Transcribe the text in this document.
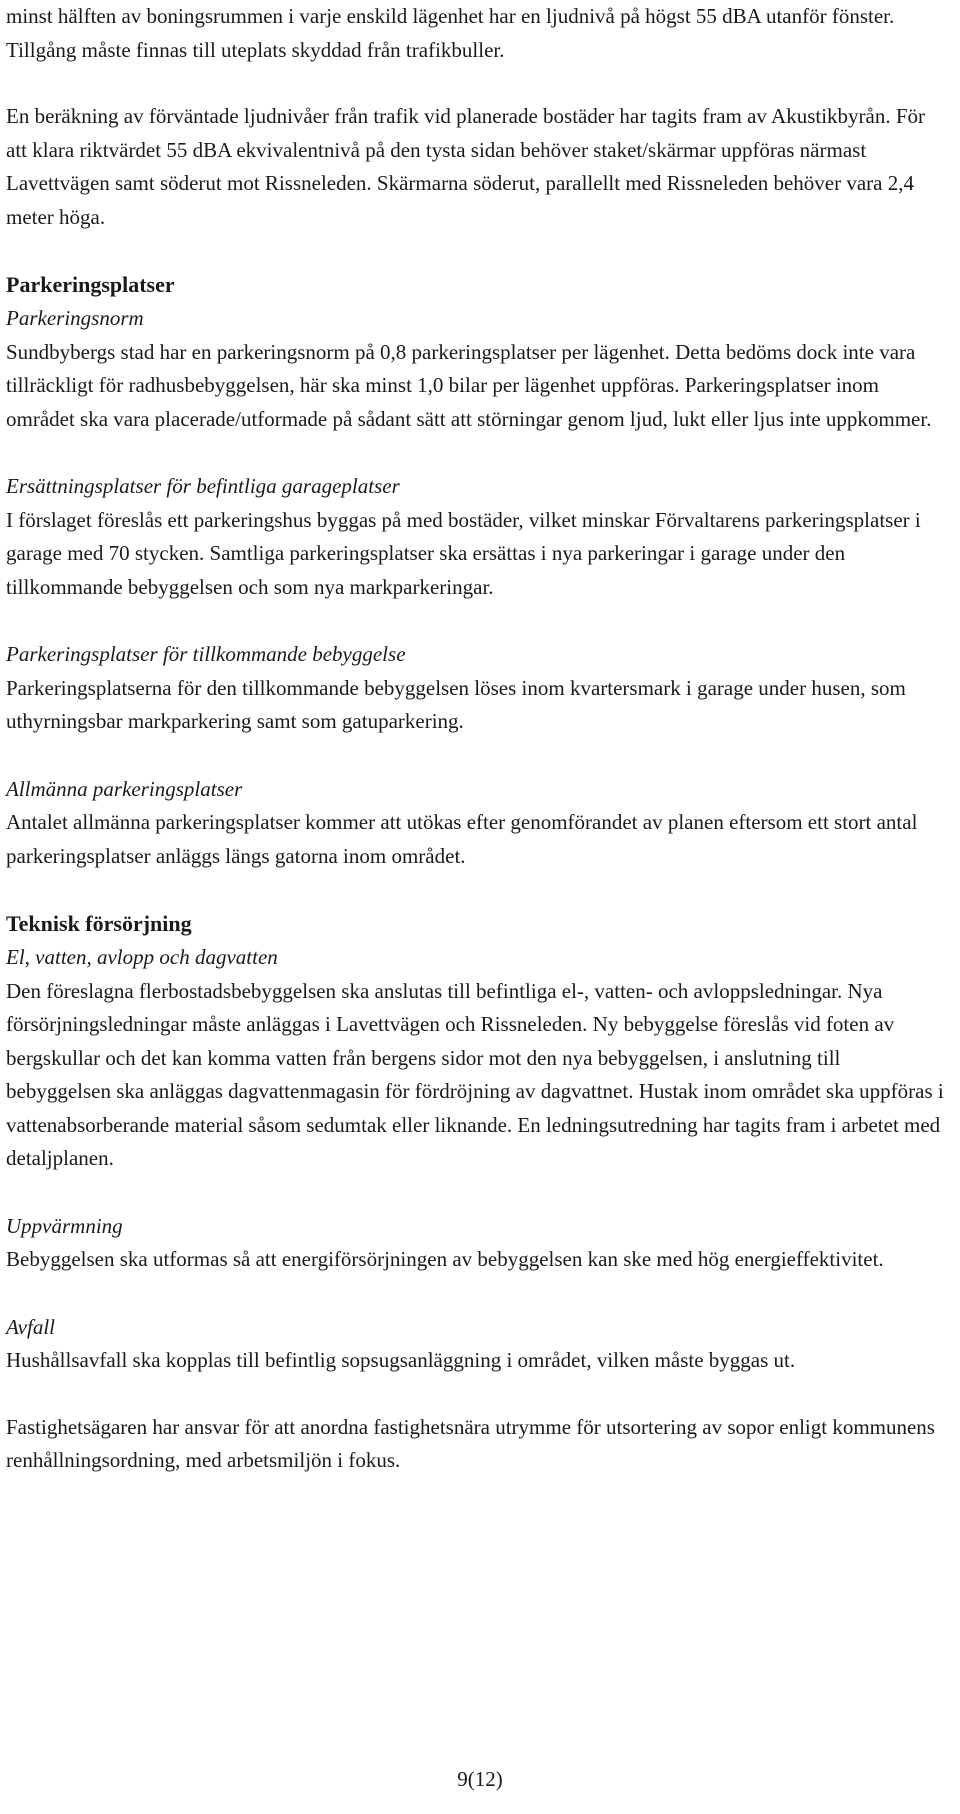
minst hälften av boningsrummen i varje enskild lägenhet har en ljudnivå på högst 55 dBA utanför fönster. Tillgång måste finnas till uteplats skyddad från trafikbuller.

En beräkning av förväntade ljudnivåer från trafik vid planerade bostäder har tagits fram av Akustikbyrån. För att klara riktvärdet 55 dBA ekvivalentnivå på den tysta sidan behöver staket/skärmar uppföras närmast Lavettvägen samt söderut mot Rissneleden. Skärmarna söderut, parallellt med Rissneleden behöver vara 2,4 meter höga.

Parkeringsplatser
Parkeringsnorm

Sundbybergs stad har en parkeringsnorm på 0,8 parkeringsplatser per lägenhet. Detta bedöms dock inte vara tillräckligt för radhusbebyggelsen, här ska minst 1,0 bilar per lägenhet uppföras. Parkeringsplatser inom området ska vara placerade/utformade på sådant sätt att störningar genom ljud, lukt eller ljus inte uppkommer.

Ersättningsplatser för befintliga garageplatser

I förslaget föreslås ett parkeringshus byggas på med bostäder, vilket minskar Förvaltarens parkeringsplatser i garage med 70 stycken. Samtliga parkeringsplatser ska ersättas i nya parkeringar i garage under den tillkommande bebyggelsen och som nya markparkeringar.

Parkeringsplatser för tillkommande bebyggelse

Parkeringsplatserna för den tillkommande bebyggelsen löses inom kvartersmark i garage under husen, som uthyrningsbar markparkering samt som gatuparkering.

Allmänna parkeringsplatser

Antalet allmänna parkeringsplatser kommer att utökas efter genomförandet av planen eftersom ett stort antal parkeringsplatser anläggs längs gatorna inom området.

Teknisk försörjning
El, vatten, avlopp och dagvatten

Den föreslagna flerbostadsbebyggelsen ska anslutas till befintliga el-, vatten- och avloppsledningar. Nya försörjningsledningar måste anläggas i Lavettvägen och Rissneleden. Ny bebyggelse föreslås vid foten av bergskullar och det kan komma vatten från bergens sidor mot den nya bebyggelsen, i anslutning till bebyggelsen ska anläggas dagvattenmagasin för fördröjning av dagvattnet. Hustak inom området ska uppföras i vattenabsorberande material såsom sedumtak eller liknande. En ledningsutredning har tagits fram i arbetet med detaljplanen.

Uppvärmning

Bebyggelsen ska utformas så att energiförsörjningen av bebyggelsen kan ske med hög energieffektivitet.

Avfall

Hushållsavfall ska kopplas till befintlig sopsugsanläggning i området, vilken måste byggas ut.

Fastighetsägaren har ansvar för att anordna fastighetsnära utrymme för utsortering av sopor enligt kommunens renhållningsordning, med arbetsmiljön i fokus.

9(12)
